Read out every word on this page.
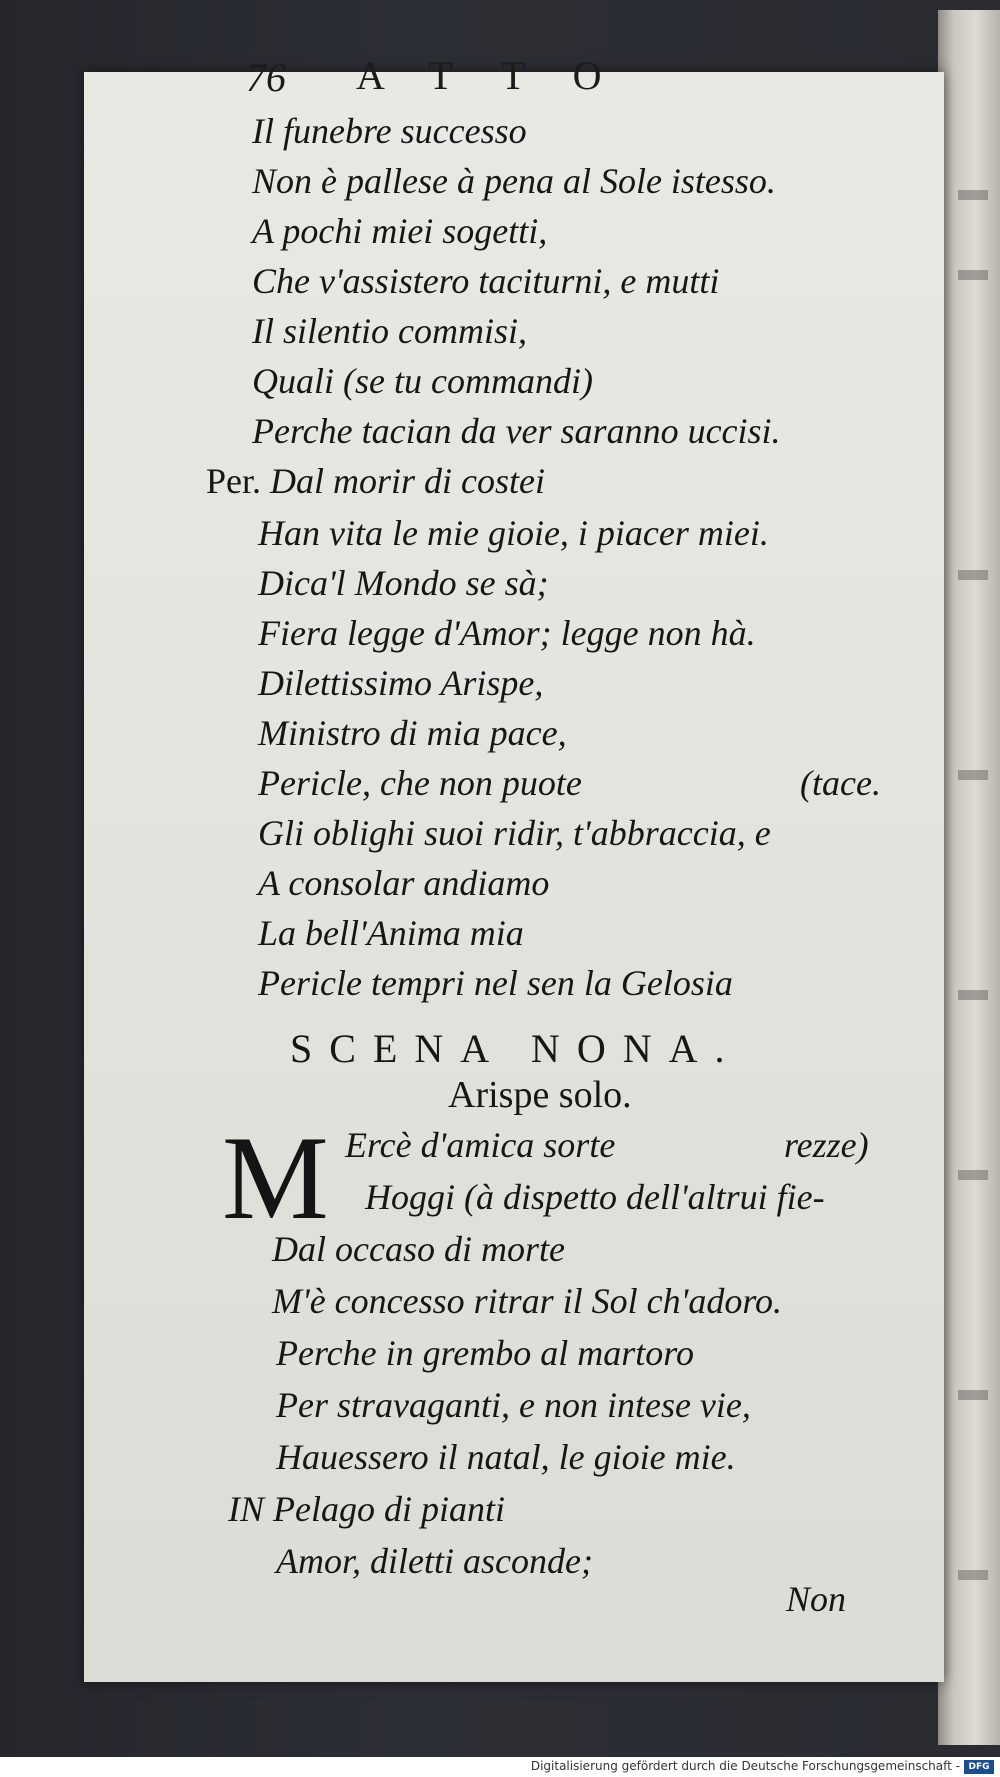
76 ATTO
Il funebre successo
Non è pallese à pena al Sole istesso.
A pochi miei sogetti,
Che v'assistero taciturni, e mutti
Il silentio commisi,
Quali (se tu commandi)
Perche tacian da ver saranno uccisi.
Per. Dal morir di costei
Han vita le mie gioie, i piacer miei.
Dica'l Mondo se sà;
Fiera legge d'Amor; legge non hà.
Dilettissimo Arispe,
Ministro di mia pace,
Pericle, che non puote	(tace.
Gli oblighi suoi ridir, t'abbraccia, e
A consolar andiamo
La bell'Anima mia
Pericle tempri nel sen la Gelosia
SCENA NONA.
Arispe solo.
M Ercè d'amica sorte	rezze)
Hoggi (à dispetto dell'altrui fie-
Dal occaso di morte
M'è concesso ritrar il Sol ch'adoro.
Perche in grembo al martoro
Per stravaganti, e non intese vie,
Hauessero il natal, le gioie mie.
IN Pelago di pianti
Amor, diletti asconde;
Non
Digitalisierung gefördert durch die Deutsche Forschungsgemeinschaft - DFG
